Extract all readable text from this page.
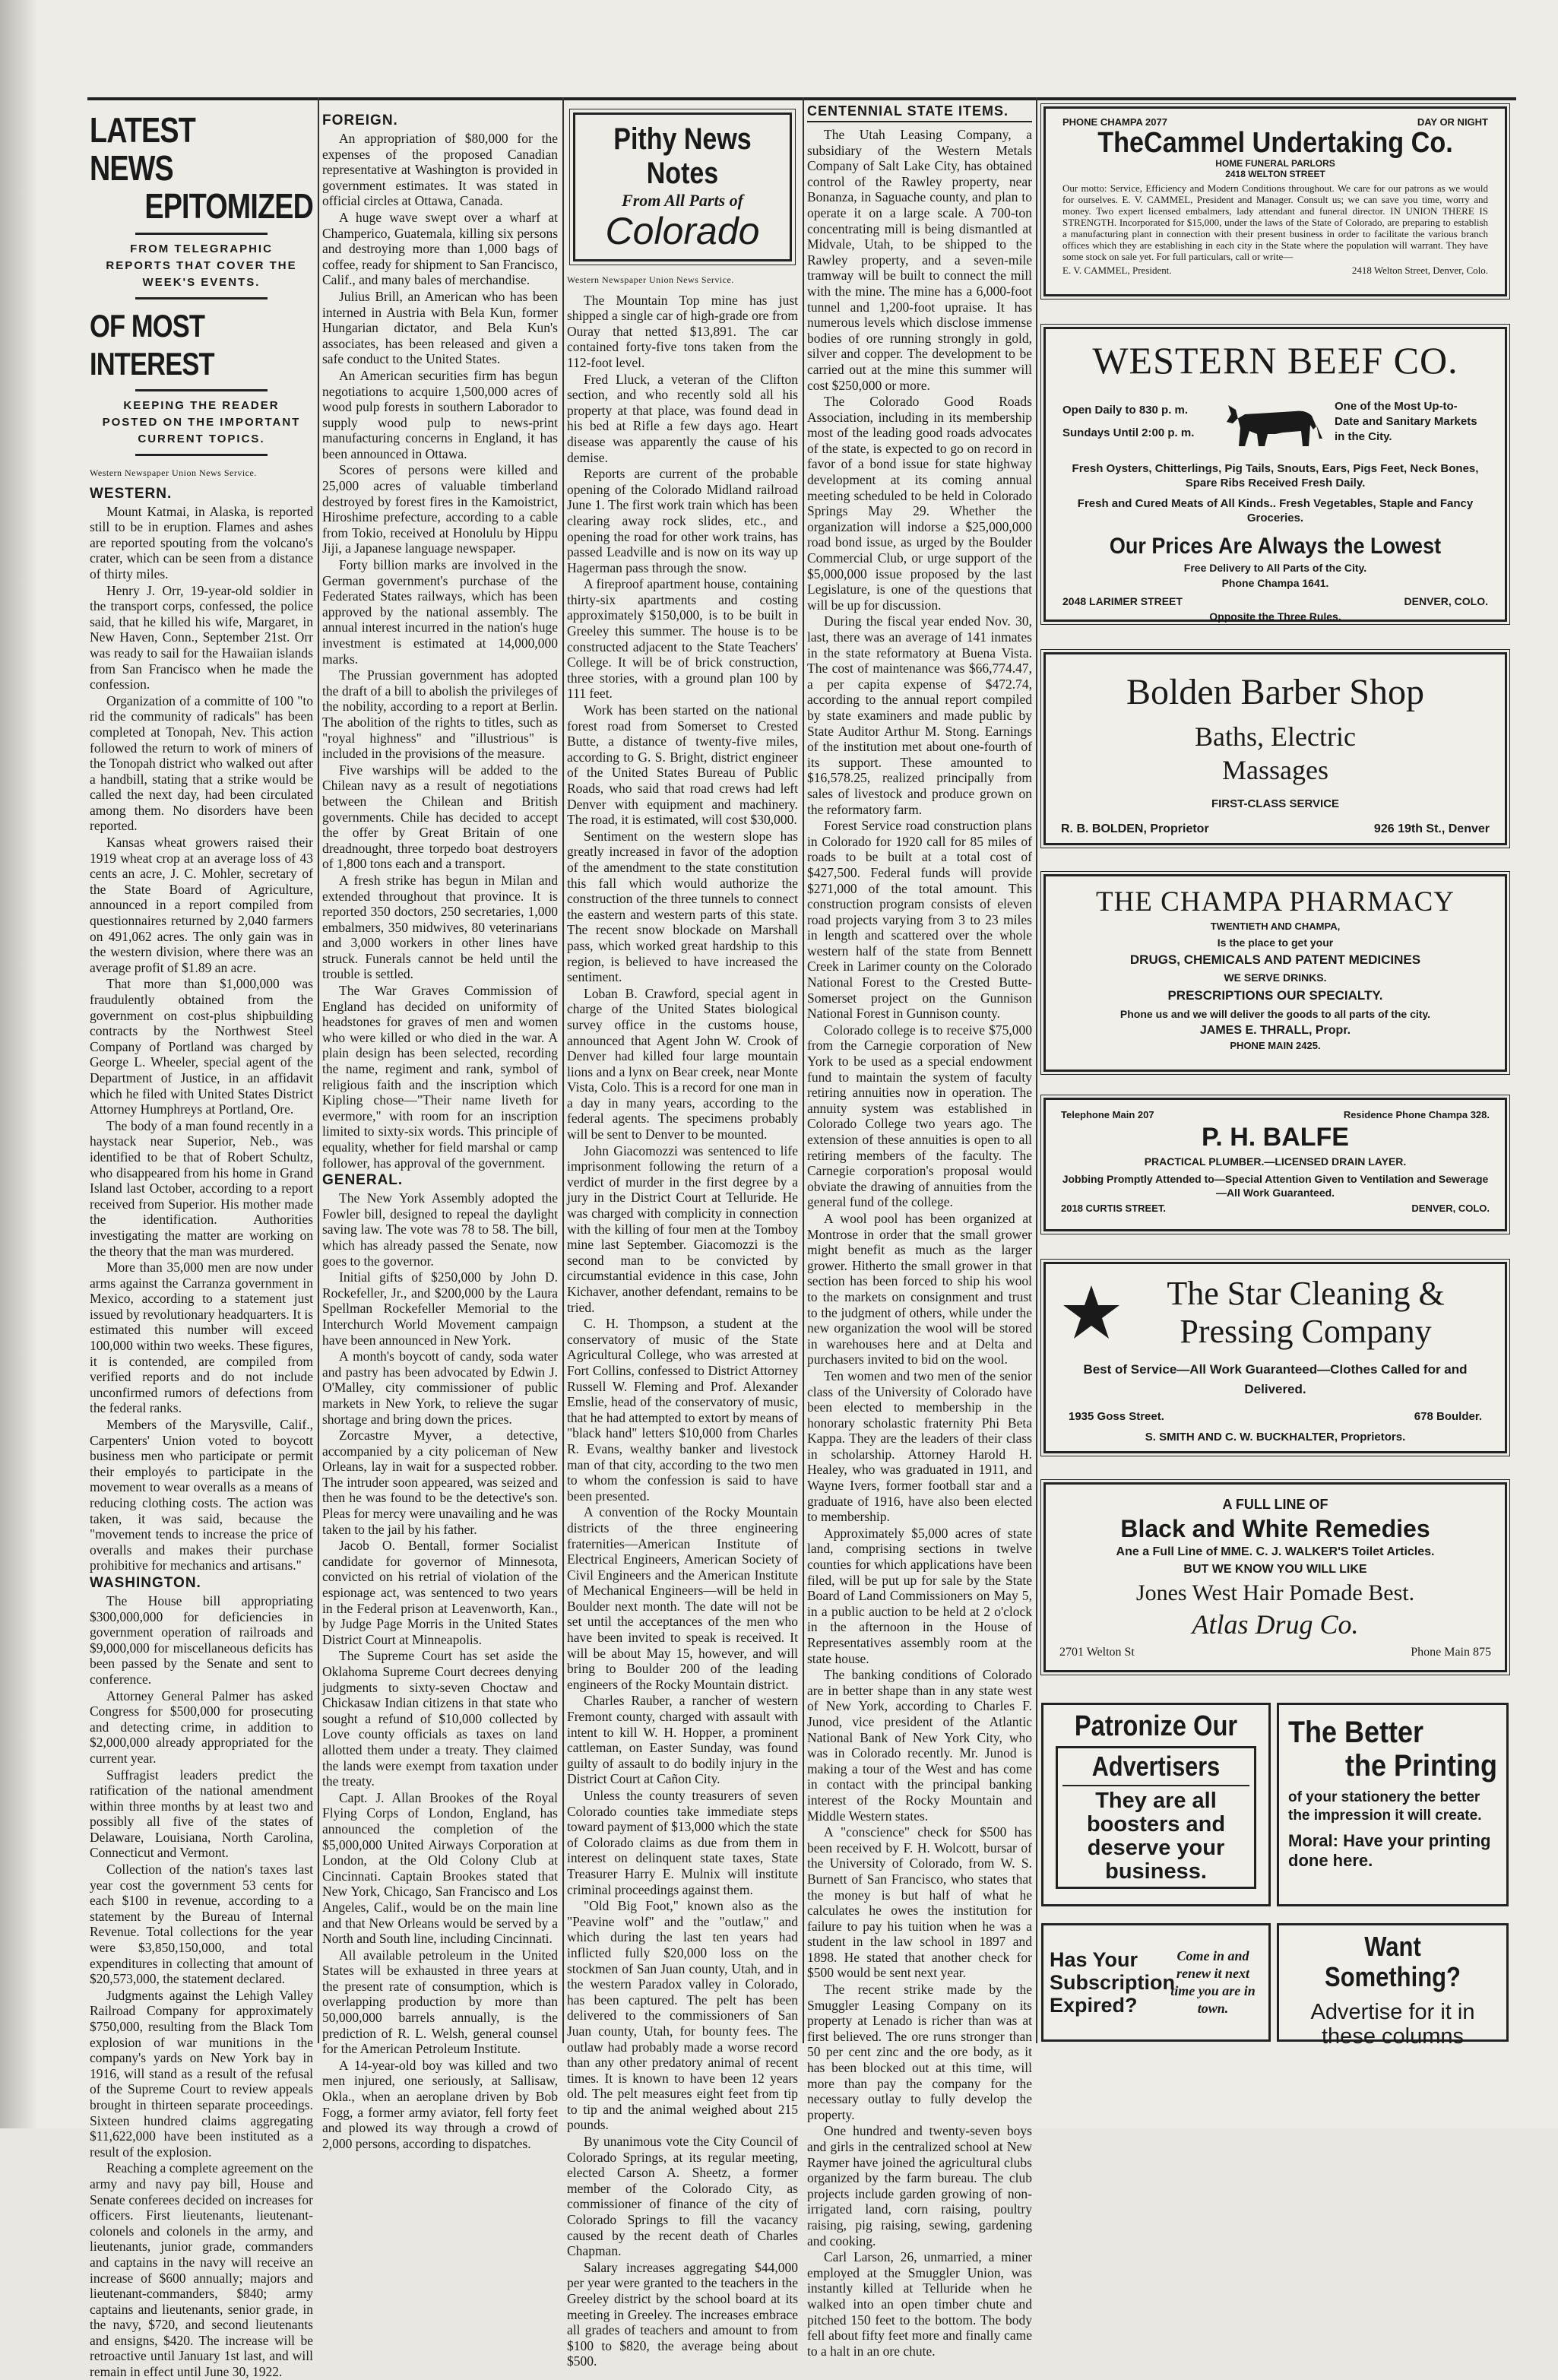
LATEST NEWS
EPITOMIZED
FROM TELEGRAPHIC REPORTS THAT COVER THE WEEK'S EVENTS.
OF MOST INTEREST
KEEPING THE READER POSTED ON THE IMPORTANT CURRENT TOPICS.

Western Newspaper Union News Service.

WESTERN.

Mount Katmai, in Alaska, is reported still to be in eruption. Flames and ashes are reported spouting from the volcano's crater, which can be seen from a distance of thirty miles.

Henry J. Orr, 19-year-old soldier in the transport corps, confessed, the police said, that he killed his wife, Margaret, in New Haven, Conn., September 21st. Orr was ready to sail for the Hawaiian islands from San Francisco when he made the confession.

Organization of a committe of 100 "to rid the community of radicals" has been completed at Tonopah, Nev. This action followed the return to work of miners of the Tonopah district who walked out after a handbill, stating that a strike would be called the next day, had been circulated among them. No disorders have been reported.

Kansas wheat growers raised their 1919 wheat crop at an average loss of 43 cents an acre, J. C. Mohler, secretary of the State Board of Agriculture, announced in a report compiled from questionnaires returned by 2,040 farmers on 491,062 acres. The only gain was in the western division, where there was an average profit of $1.89 an acre.

That more than $1,000,000 was fraudulently obtained from the government on cost-plus shipbuilding contracts by the Northwest Steel Company of Portland was charged by George L. Wheeler, special agent of the Department of Justice, in an affidavit which he filed with United States District Attorney Humphreys at Portland, Ore.

The body of a man found recently in a haystack near Superior, Neb., was identified to be that of Robert Schultz, who disappeared from his home in Grand Island last October, according to a report received from Superior. His mother made the identification. Authorities investigating the matter are working on the theory that the man was murdered.

More than 35,000 men are now under arms against the Carranza government in Mexico, according to a statement just issued by revolutionary headquarters. It is estimated this number will exceed 100,000 within two weeks. These figures, it is contended, are compiled from verified reports and do not include unconfirmed rumors of defections from the federal ranks.

Members of the Marysville, Calif., Carpenters' Union voted to boycott business men who participate or permit their employés to participate in the movement to wear overalls as a means of reducing clothing costs. The action was taken, it was said, because the "movement tends to increase the price of overalls and makes their purchase prohibitive for mechanics and artisans."

WASHINGTON.

The House bill appropriating $300,000,000 for deficiencies in government operation of railroads and $9,000,000 for miscellaneous deficits has been passed by the Senate and sent to conference.

Attorney General Palmer has asked Congress for $500,000 for prosecuting and detecting crime, in addition to $2,000,000 already appropriated for the current year.

Suffragist leaders predict the ratification of the national amendment within three months by at least two and possibly all five of the states of Delaware, Louisiana, North Carolina, Connecticut and Vermont.

Collection of the nation's taxes last year cost the government 53 cents for each $100 in revenue, according to a statement by the Bureau of Internal Revenue. Total collections for the year were $3,850,150,000, and total expenditures in collecting that amount of $20,573,000, the statement declared.

Judgments against the Lehigh Valley Railroad Company for approximately $750,000, resulting from the Black Tom explosion of war munitions in the company's yards on New York bay in 1916, will stand as a result of the refusal of the Supreme Court to review appeals brought in thirteen separate proceedings. Sixteen hundred claims aggregating $11,622,000 have been instituted as a result of the explosion.

Reaching a complete agreement on the army and navy pay bill, House and Senate conferees decided on increases for officers. First lieutenants, lieutenant-colonels and colonels in the army, and lieutenants, junior grade, commanders and captains in the navy will receive an increase of $600 annually; majors and lieutenant-commanders, $840; army captains and lieutenants, senior grade, in the navy, $720, and second lieutenants and ensigns, $420. The increase will be retroactive until January 1st last, and will remain in effect until June 30, 1922.

FOREIGN.

An appropriation of $80,000 for the expenses of the proposed Canadian representative at Washington is provided in government estimates. It was stated in official circles at Ottawa, Canada.

A huge wave swept over a wharf at Champerico, Guatemala, killing six persons and destroying more than 1,000 bags of coffee, ready for shipment to San Francisco, Calif., and many bales of merchandise.

Julius Brill, an American who has been interned in Austria with Bela Kun, former Hungarian dictator, and Bela Kun's associates, has been released and given a safe conduct to the United States.

An American securities firm has begun negotiations to acquire 1,500,000 acres of wood pulp forests in southern Laborador to supply wood pulp to news-print manufacturing concerns in England, it has been announced in Ottawa.

Scores of persons were killed and 25,000 acres of valuable timberland destroyed by forest fires in the Kamoistrict, Hiroshime prefecture, according to a cable from Tokio, received at Honolulu by Hippu Jiji, a Japanese language newspaper.

Forty billion marks are involved in the German government's purchase of the Federated States railways, which has been approved by the national assembly. The annual interest incurred in the nation's huge investment is estimated at 14,000,000 marks.

The Prussian government has adopted the draft of a bill to abolish the privileges of the nobility, according to a report at Berlin. The abolition of the rights to titles, such as "royal highness" and "illustrious" is included in the provisions of the measure.

Five warships will be added to the Chilean navy as a result of negotiations between the Chilean and British governments. Chile has decided to accept the offer by Great Britain of one dreadnought, three torpedo boat destroyers of 1,800 tons each and a transport.

A fresh strike has begun in Milan and extended throughout that province. It is reported 350 doctors, 250 secretaries, 1,000 embalmers, 350 midwives, 80 veterinarians and 3,000 workers in other lines have struck. Funerals cannot be held until the trouble is settled.

The War Graves Commission of England has decided on uniformity of headstones for graves of men and women who were killed or who died in the war. A plain design has been selected, recording the name, regiment and rank, symbol of religious faith and the inscription which Kipling chose—"Their name liveth for evermore," with room for an inscription limited to sixty-six words. This principle of equality, whether for field marshal or camp follower, has approval of the government.

GENERAL.

The New York Assembly adopted the Fowler bill, designed to repeal the daylight saving law. The vote was 78 to 58. The bill, which has already passed the Senate, now goes to the governor.

Initial gifts of $250,000 by John D. Rockefeller, Jr., and $200,000 by the Laura Spellman Rockefeller Memorial to the Interchurch World Movement campaign have been announced in New York.

A month's boycott of candy, soda water and pastry has been advocated by Edwin J. O'Malley, city commissioner of public markets in New York, to relieve the sugar shortage and bring down the prices.

Zorcastre Myver, a detective, accompanied by a city policeman of New Orleans, lay in wait for a suspected robber. The intruder soon appeared, was seized and then he was found to be the detective's son. Pleas for mercy were unavailing and he was taken to the jail by his father.

Jacob O. Bentall, former Socialist candidate for governor of Minnesota, convicted on his retrial of violation of the espionage act, was sentenced to two years in the Federal prison at Leavenworth, Kan., by Judge Page Morris in the United States District Court at Minneapolis.

The Supreme Court has set aside the Oklahoma Supreme Court decrees denying judgments to sixty-seven Choctaw and Chickasaw Indian citizens in that state who sought a refund of $10,000 collected by Love county officials as taxes on land allotted them under a treaty. They claimed the lands were exempt from taxation under the treaty.

Capt. J. Allan Brookes of the Royal Flying Corps of London, England, has announced the completion of the $5,000,000 United Airways Corporation at London, at the Old Colony Club at Cincinnati. Captain Brookes stated that New York, Chicago, San Francisco and Los Angeles, Calif., would be on the main line and that New Orleans would be served by a North and South line, including Cincinnati.

All available petroleum in the United States will be exhausted in three years at the present rate of consumption, which is overlapping production by more than 50,000,000 barrels annually, is the prediction of R. L. Welsh, general counsel for the American Petroleum Institute.

A 14-year-old boy was killed and two men injured, one seriously, at Sallisaw, Okla., when an aeroplane driven by Bob Fogg, a former army aviator, fell forty feet and plowed its way through a crowd of 2,000 persons, according to dispatches.

Pithy News Notes
From All Parts of
Colorado

Western Newspaper Union News Service.

The Mountain Top mine has just shipped a single car of high-grade ore from Ouray that netted $13,891. The car contained forty-five tons taken from the 112-foot level.

Fred Lluck, a veteran of the Clifton section, and who recently sold all his property at that place, was found dead in his bed at Rifle a few days ago. Heart disease was apparently the cause of his demise.

Reports are current of the probable opening of the Colorado Midland railroad June 1. The first work train which has been clearing away rock slides, etc., and opening the road for other work trains, has passed Leadville and is now on its way up Hagerman pass through the snow.

A fireproof apartment house, containing thirty-six apartments and costing approximately $150,000, is to be built in Greeley this summer. The house is to be constructed adjacent to the State Teachers' College. It will be of brick construction, three stories, with a ground plan 100 by 111 feet.

Work has been started on the national forest road from Somerset to Crested Butte, a distance of twenty-five miles, according to G. S. Bright, district engineer of the United States Bureau of Public Roads, who said that road crews had left Denver with equipment and machinery. The road, it is estimated, will cost $30,000.

Sentiment on the western slope has greatly increased in favor of the adoption of the amendment to the state constitution this fall which would authorize the construction of the three tunnels to connect the eastern and western parts of this state. The recent snow blockade on Marshall pass, which worked great hardship to this region, is believed to have increased the sentiment.

Loban B. Crawford, special agent in charge of the United States biological survey office in the customs house, announced that Agent John W. Crook of Denver had killed four large mountain lions and a lynx on Bear creek, near Monte Vista, Colo. This is a record for one man in a day in many years, according to the federal agents. The specimens probably will be sent to Denver to be mounted.

John Giacomozzi was sentenced to life imprisonment following the return of a verdict of murder in the first degree by a jury in the District Court at Telluride. He was charged with complicity in connection with the killing of four men at the Tomboy mine last September. Giacomozzi is the second man to be convicted by circumstantial evidence in this case, John Kichaver, another defendant, remains to be tried.

C. H. Thompson, a student at the conservatory of music of the State Agricultural College, who was arrested at Fort Collins, confessed to District Attorney Russell W. Fleming and Prof. Alexander Emslie, head of the conservatory of music, that he had attempted to extort by means of "black hand" letters $10,000 from Charles R. Evans, wealthy banker and livestock man of that city, according to the two men to whom the confession is said to have been presented.

A convention of the Rocky Mountain districts of the three engineering fraternities—American Institute of Electrical Engineers, American Society of Civil Engineers and the American Institute of Mechanical Engineers—will be held in Boulder next month. The date will not be set until the acceptances of the men who have been invited to speak is received. It will be about May 15, however, and will bring to Boulder 200 of the leading engineers of the Rocky Mountain district.

Charles Rauber, a rancher of western Fremont county, charged with assault with intent to kill W. H. Hopper, a prominent cattleman, on Easter Sunday, was found guilty of assault to do bodily injury in the District Court at Cañon City.

Unless the county treasurers of seven Colorado counties take immediate steps toward payment of $13,000 which the state of Colorado claims as due from them in interest on delinquent state taxes, State Treasurer Harry E. Mulnix will institute criminal proceedings against them.

"Old Big Foot," known also as the "Peavine wolf" and the "outlaw," and which during the last ten years had inflicted fully $20,000 loss on the stockmen of San Juan county, Utah, and in the western Paradox valley in Colorado, has been captured. The pelt has been delivered to the commissioners of San Juan county, Utah, for bounty fees. The outlaw had probably made a worse record than any other predatory animal of recent times. It is known to have been 12 years old. The pelt measures eight feet from tip to tip and the animal weighed about 215 pounds.

By unanimous vote the City Council of Colorado Springs, at its regular meeting, elected Carson A. Sheetz, a former member of the Colorado City, as commissioner of finance of the city of Colorado Springs to fill the vacancy caused by the recent death of Charles Chapman.

Salary increases aggregating $44,000 per year were granted to the teachers in the Greeley district by the school board at its meeting in Greeley. The increases embrace all grades of teachers and amount to from $100 to $820, the average being about $500.

CENTENNIAL STATE ITEMS.

The Utah Leasing Company, a subsidiary of the Western Metals Company of Salt Lake City, has obtained control of the Rawley property, near Bonanza, in Saguache county, and plan to operate it on a large scale. A 700-ton concentrating mill is being dismantled at Midvale, Utah, to be shipped to the Rawley property, and a seven-mile tramway will be built to connect the mill with the mine. The mine has a 6,000-foot tunnel and 1,200-foot upraise. It has numerous levels which disclose immense bodies of ore running strongly in gold, silver and copper. The development to be carried out at the mine this summer will cost $250,000 or more.

The Colorado Good Roads Association, including in its membership most of the leading good roads advocates of the state, is expected to go on record in favor of a bond issue for state highway development at its coming annual meeting scheduled to be held in Colorado Springs May 29. Whether the organization will indorse a $25,000,000 road bond issue, as urged by the Boulder Commercial Club, or urge support of the $5,000,000 issue proposed by the last Legislature, is one of the questions that will be up for discussion.

During the fiscal year ended Nov. 30, last, there was an average of 141 inmates in the state reformatory at Buena Vista. The cost of maintenance was $66,774.47, a per capita expense of $472.74, according to the annual report compiled by state examiners and made public by State Auditor Arthur M. Stong. Earnings of the institution met about one-fourth of its support. These amounted to $16,578.25, realized principally from sales of livestock and produce grown on the reformatory farm.

Forest Service road construction plans in Colorado for 1920 call for 85 miles of roads to be built at a total cost of $427,500. Federal funds will provide $271,000 of the total amount. This construction program consists of eleven road projects varying from 3 to 23 miles in length and scattered over the whole western half of the state from Bennett Creek in Larimer county on the Colorado National Forest to the Crested Butte-Somerset project on the Gunnison National Forest in Gunnison county.

Colorado college is to receive $75,000 from the Carnegie corporation of New York to be used as a special endowment fund to maintain the system of faculty retiring annuities now in operation. The annuity system was established in Colorado College two years ago. The extension of these annuities is open to all retiring members of the faculty. The Carnegie corporation's proposal would obviate the drawing of annuities from the general fund of the college.

A wool pool has been organized at Montrose in order that the small grower might benefit as much as the larger grower. Hitherto the small grower in that section has been forced to ship his wool to the markets on consignment and trust to the judgment of others, while under the new organization the wool will be stored in warehouses here and at Delta and purchasers invited to bid on the wool.

Ten women and two men of the senior class of the University of Colorado have been elected to membership in the honorary scholastic fraternity Phi Beta Kappa. They are the leaders of their class in scholarship. Attorney Harold H. Healey, who was graduated in 1911, and Wayne Ivers, former football star and a graduate of 1916, have also been elected to membership.

Approximately $5,000 acres of state land, comprising sections in twelve counties for which applications have been filed, will be put up for sale by the State Board of Land Commissioners on May 5, in a public auction to be held at 2 o'clock in the afternoon in the House of Representatives assembly room at the state house.

The banking conditions of Colorado are in better shape than in any state west of New York, according to Charles F. Junod, vice president of the Atlantic National Bank of New York City, who was in Colorado recently. Mr. Junod is making a tour of the West and has come in contact with the principal banking interest of the Rocky Mountain and Middle Western states.

A "conscience" check for $500 has been received by F. H. Wolcott, bursar of the University of Colorado, from W. S. Burnett of San Francisco, who states that the money is but half of what he calculates he owes the institution for failure to pay his tuition when he was a student in the law school in 1897 and 1898. He stated that another check for $500 would be sent next year.

The recent strike made by the Smuggler Leasing Company on its property at Lenado is richer than was at first believed. The ore runs stronger than 50 per cent zinc and the ore body, as it has been blocked out at this time, will more than pay the company for the necessary outlay to fully develop the property.

One hundred and twenty-seven boys and girls in the centralized school at New Raymer have joined the agricultural clubs organized by the farm bureau. The club projects include garden growing of non-irrigated land, corn raising, poultry raising, pig raising, sewing, gardening and cooking.

Carl Larson, 26, unmarried, a miner employed at the Smuggler Union, was instantly killed at Telluride when he walked into an open timber chute and pitched 150 feet to the bottom. The body fell about fifty feet more and finally came to a halt in an ore chute.

PHONE CHAMPA 2077	DAY OR NIGHT
TheCammel Undertaking Co.
HOME FUNERAL PARLORS
2418 WELTON STREET
Our motto: Service, Efficiency and Modern Conditions throughout. We care for our patrons as we would for ourselves. E. V. CAMMEL, President and Manager. Consult us; we can save you time, worry and money. Two expert licensed embalmers, lady attendant and funeral director. IN UNION THERE IS STRENGTH. Incorporated for $15,000, under the laws of the State of Colorado, are preparing to establish a manufacturing plant in connection with their present business in order to facilitate the various branch offices which they are establishing in each city in the State where the population will warrant. They have some stock on sale yet. For full particulars, call or write—
E. V. CAMMEL, President.	2418 Welton Street, Denver, Colo.
WESTERN BEEF CO.
Open Daily to 830 p. m.
Sundays Until 2:00 p. m.
One of the Most Up-to-Date and Sanitary Markets in the City.
Fresh Oysters, Chitterlings, Pig Tails, Snouts, Ears, Pigs Feet, Neck Bones, Spare Ribs Received Fresh Daily.
Fresh and Cured Meats of All Kinds.. Fresh Vegetables, Staple and Fancy Groceries.
Our Prices Are Always the Lowest
Free Delivery to All Parts of the City.
Phone Champa 1641.
2048 LARIMER STREET	DENVER, COLO.
Opposite the Three Rules.
Bolden Barber Shop
Baths, Electric
Massages
FIRST-CLASS SERVICE
R. B. BOLDEN, Proprietor	926 19th St., Denver
THE CHAMPA PHARMACY
TWENTIETH AND CHAMPA,
Is the place to get your
DRUGS, CHEMICALS AND PATENT MEDICINES
WE SERVE DRINKS.
PRESCRIPTIONS OUR SPECIALTY.
Phone us and we will deliver the goods to all parts of the city.
JAMES E. THRALL, Propr.
PHONE MAIN 2425.
Telephone Main 207	Residence Phone Champa 328.
P. H. BALFE
PRACTICAL PLUMBER.—LICENSED DRAIN LAYER.
Jobbing Promptly Attended to—Special Attention Given to Ventilation and Sewerage—All Work Guaranteed.
2018 CURTIS STREET.	DENVER, COLO.
The Star Cleaning &
Pressing Company
Best of Service—All Work Guaranteed—Clothes Called for and Delivered.
1935 Goss Street.	678 Boulder.
S. SMITH AND C. W. BUCKHALTER, Proprietors.
A FULL LINE OF
Black and White Remedies
Ane a Full Line of MME. C. J. WALKER'S Toilet Articles.
BUT WE KNOW YOU WILL LIKE
Jones West Hair Pomade Best.
Atlas Drug Co.
2701 Welton St	Phone Main 875
Patronize Our
Advertisers
They are all boosters and deserve your business.
The Better
the Printing
of your stationery the better the impression it will create.
Moral: Have your printing done here.
Has Your Subscription Expired?
Come in and renew it next time you are in town.
Want Something?
Advertise for it in these columns
